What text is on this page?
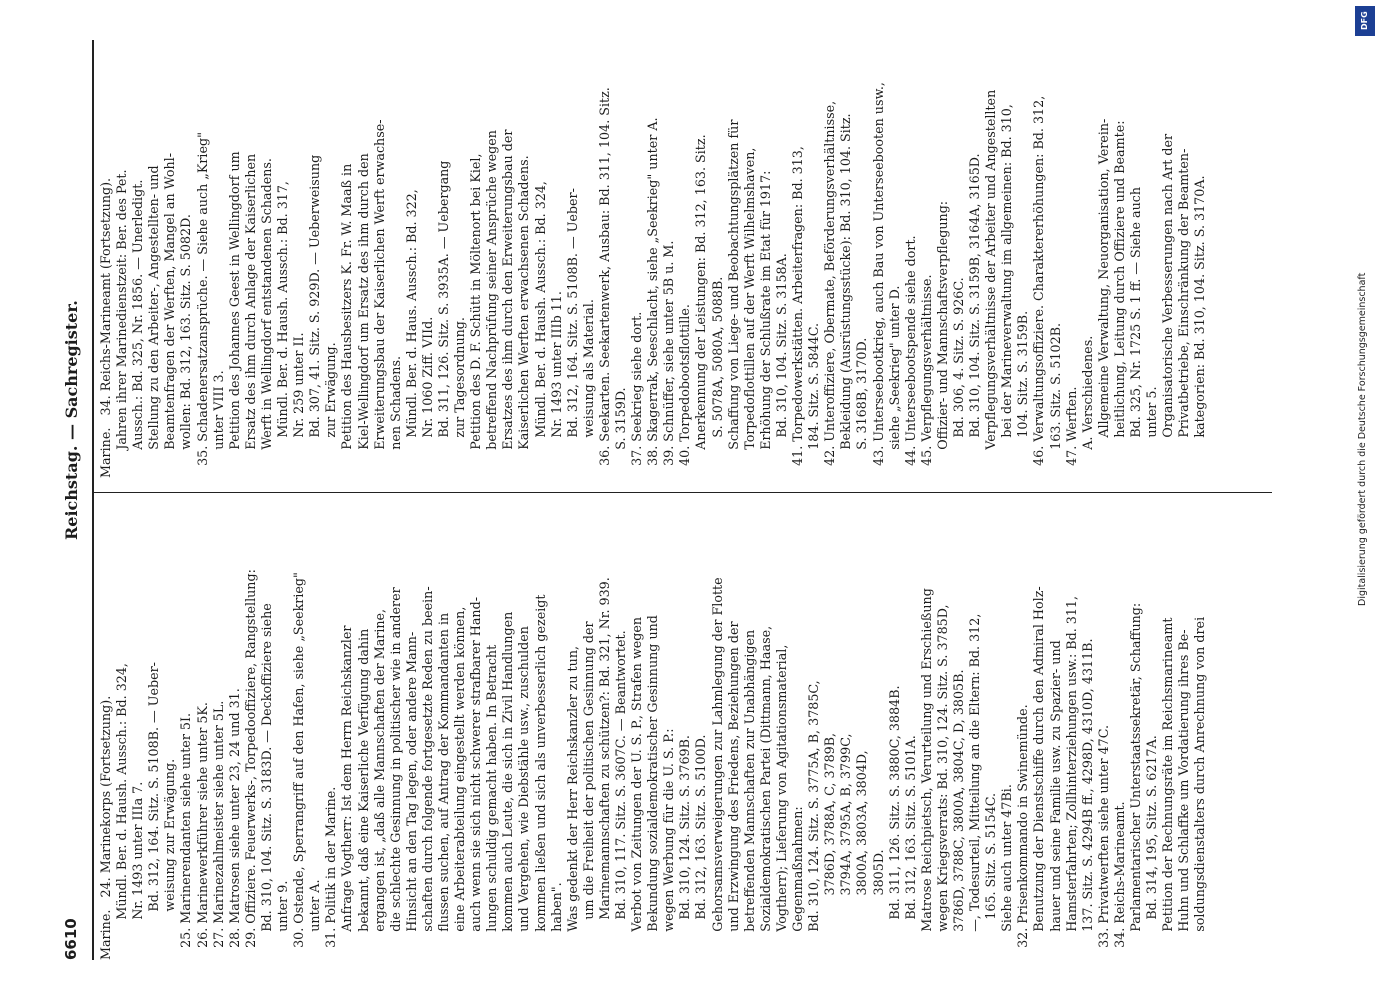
6610
Reichstag. — Sachregister.
Marine.   24. Marinekorps (Fortsetzung). Mündl. Ber. d. Haush. Aussch.: Bd. 324, Nr. 1493 unter IIIa 7. Bd. 312, 164. Sitz. S. 5108B. — Ueber- weisung zur Erwägung. 25. Marinerendanten siehe unter 5I. 26. Marinewerkführer siehe unter 5K. 27. Marinezahlmeister siehe unter 5L. 28. Matrosen siehe unter 23, 24 und 31. 29. Offiziere. Feuerwerks-, Torpedooffiziere, Rangstellung: Bd. 310, 104. Sitz. S. 3183D. — Deckoffiziere siehe unter 9. 30. Ostende, Sperrangriff auf den Hafen, siehe „Seekrieg" unter A. 31. Politik in der Marine. Anfrage Vogtherr: Ist dem Herrn Reichskanzler bekannt, daß eine Kaiserliche Verfügung dahin ergangen ist, „daß alle Mannschaften der Marine, die schlechte Gesinnung in politischer wie in anderer Hinsicht an den Tag legen, oder andere Mann- schaften durch folgende fortgesetzte Reden zu beein- flussen suchen, auf Antrag der Kommandanten in eine Arbeiterabteilung eingestellt werden können, auch wenn sie sich nicht schwerer strafbarer Hand- lungen schuldig gemacht haben. In Betracht kommen auch Leute, die sich in Zivil Handlungen und Vergehen, wie Diebstähle usw., zuschulden kommen ließen und sich als unverbesserlich gezeigt haben". Was gedenkt der Herr Reichskanzler zu tun, um die Freiheit der politischen Gesinnung der Marinemannschaften zu schützen?: Bd. 321, Nr. 939. Bd. 310, 117. Sitz. S. 3607C. — Beantwortet. Verbot von Zeitungen der U. S. P., Strafen wegen Bekundung sozialdemokratischer Gesinnung und wegen Werbung für die U. S. P.: Bd. 310, 124. Sitz. S. 3769B. Bd. 312, 163. Sitz. S. 5100D. Gehorsamsverweigerungen zur Lahmlegung der Flotte und Erzwingung des Friedens, Beziehungen der betreffenden Mannschaften zur Unabhängigen Sozialdemokratischen Partei (Dittmann, Haase, Vogtherr); Lieferung von Agitationsmaterial, Gegenmaßnahmen: Bd. 310, 124. Sitz. S. 3775A, B, 3785C, 3786D, 3788A, C, 3789B, 3794A, 3795A, B, 3799C, 3800A, 3803A, 3804D, 3805D. Bd. 311, 126. Sitz. S. 3880C, 3884B. Bd. 312, 163. Sitz. S. 5101A. Matrose Reichpietsch, Verurteilung und Erschießung wegen Kriegsverrats: Bd. 310, 124. Sitz. S. 3785D, 3786D, 3788C, 3800A, 3804C, D, 3805B. —, Todesurteil, Mitteilung an die Eltern: Bd. 312, 165. Sitz. S. 5154C. Siehe auch unter 47Bi. 32. Prisenkommando in Swinemünde. Benutzung der Dienstschiffe durch den Admiral Holz- hauer und seine Familie usw. zu Spazier- und Hamsterfahrten; Zollhinterziehungen usw.: Bd. 311, 137. Sitz. S. 4294B ff., 4298D, 4310D, 4311B. 33. Privatwerften siehe unter 47C. 34. Reichs-Marineamt. Parlamentarischer Unterstaatssekretär, Schaffung: Bd. 314, 195, Sitz. S. 6217A. Petition der Rechnungsräte im Reichsmarineamt Huhn und Schlaffke um Vordatierung ihres Be- soldungsdienstalters durch Anrechnung von drei
Marine.   34. Reichs-Marineamt (Fortsetzung). Jahren ihrer Marinedienstzeit: Ber. des Pet. Aussch.: Bd. 325, Nr. 1856. — Unerledigt. Stellung zu den Arbeiter-, Angestellten- und Beamtenfragen der Werften, Mangel an Wohl- wollen: Bd. 312, 163. Sitz. S. 5082D. 35. Schadenersatzansprüche. — Siehe auch „Krieg" unter VIII 3. Petition des Johannes Geest in Wellingdorf um Ersatz des ihm durch Anlage der Kaiserlichen Werft in Wellingdorf entstandenen Schadens. Mündl. Ber. d. Haush. Aussch.: Bd. 317, Nr. 259 unter II. Bd. 307, 41. Sitz. S. 929D. — Ueberweisung zur Erwägung. Petition des Hausbesitzers K. Fr. W. Maaß in Kiel-Wellingdorf um Ersatz des ihm durch den Erweiterungsbau der Kaiserlichen Werft erwachse- nen Schadens. Mündl. Ber. d. Haus. Aussch.: Bd. 322, Nr. 1060 Ziff. VIId. Bd. 311, 126. Sitz. S. 3935A. — Uebergang zur Tagesordnung. Petition des D. F. Schütt in Möltenort bei Kiel, betreffend Nachprüfung seiner Ansprüche wegen Ersatzes des ihm durch den Erweiterungsbau der Kaiserlichen Werften erwachsenen Schadens. Mündl. Ber. d. Haush. Aussch.: Bd. 324, Nr. 1493 unter IIIb 11. Bd. 312, 164. Sitz. S. 5108B. — Ueber- weisung als Material. 36. Seekarten. Seekartenwerk, Ausbau: Bd. 311, 104. Sitz. S. 3159D. 37. Seekrieg siehe dort. 38. Skagerrak, Seeschlacht, siehe „Seekrieg" unter A. 39. Schnüffer, siehe unter 5B u. M. 40. Torpedobootsflottille. Anerkennung der Leistungen: Bd. 312, 163. Sitz. S. 5078A, 5080A, 5088B. Schaffung von Liege- und Beobachtungsplätzen für Torpedoflottillen auf der Werft Wilhelmshaven, Erhöhung der Schlußrate im Etat für 1917: Bd. 310, 104. Sitz. S. 3158A. 41. Torpedowerkstätten. Arbeiterfragen: Bd. 313, 184. Sitz. S. 5844C. 42. Unteroffiziere, Obermate, Beförderungsverhältnisse, Bekleidung (Ausrüstungsstücke): Bd. 310, 104. Sitz. S. 3168B, 3170D. 43. Unterseebootkrieg, auch Bau von Unterseebooten usw., siehe „Seekrieg" unter D. 44. Unterseebootspende siehe dort. 45. Verpflegungsverhältnisse. Offizier- und Mannschaftsverpflegung: Bd. 306, 4. Sitz. S. 926C. Bd. 310, 104. Sitz. S. 3159B, 3164A, 3165D. Verpflegungsverhältnisse der Arbeiter und Angestellten bei der Marineverwaltung im allgemeinen: Bd. 310, 104. Sitz. S. 3159B. 46. Verwaltungsoffiziere. Charaktererhöhungen: Bd. 312, 163. Sitz. S. 5102B. 47. Werften. A. Verschiedenes. Allgemeine Verwaltung, Neuorganisation, Verein- heitlichung, Leitung durch Offiziere und Beamte: Bd. 325, Nr. 1725 S. 1 ff. — Siehe auch unter 5. Organisatorische Verbesserungen nach Art der Privatbetriebe, Einschränkung der Beamten- kategorien: Bd. 310, 104. Sitz. S. 3170A.
DFG
Digitalisierung gefördert durch die Deutsche Forschungsgemeinschaft
